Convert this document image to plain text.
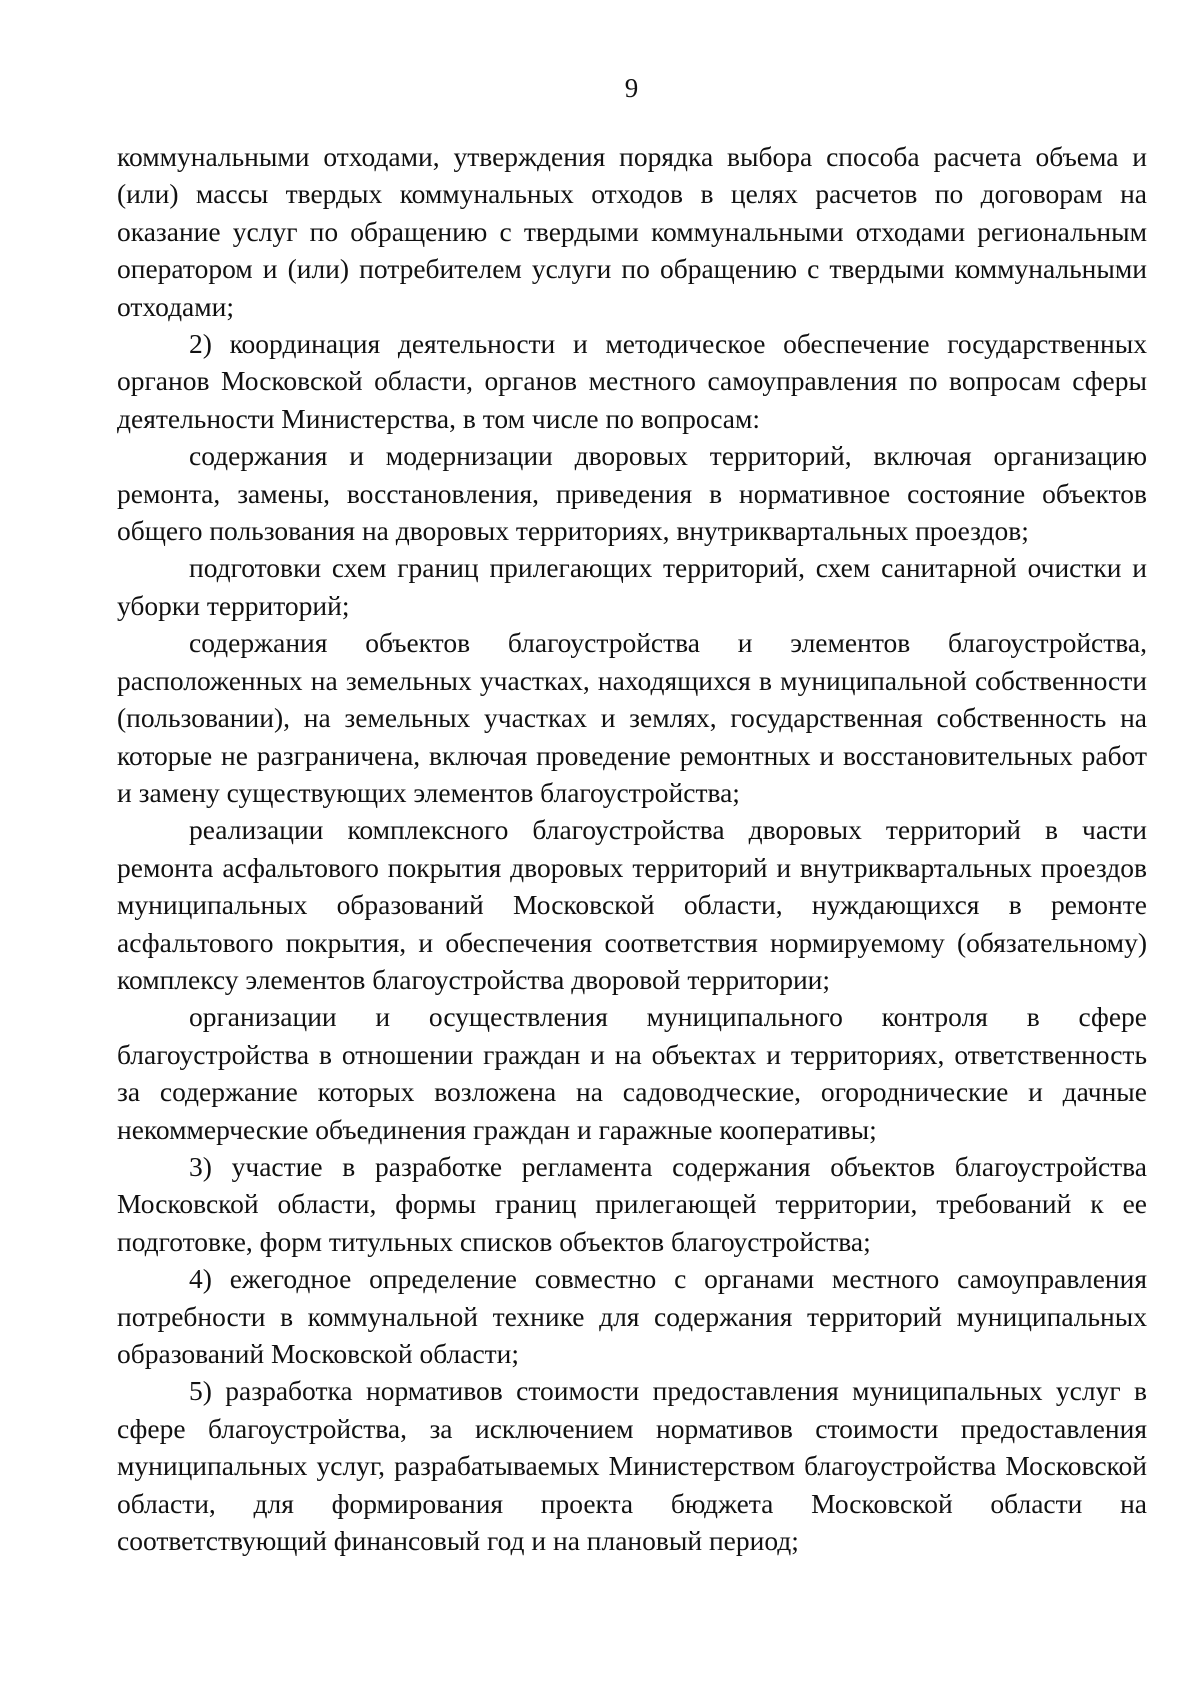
9

коммунальными отходами, утверждения порядка выбора способа расчета объема и (или) массы твердых коммунальных отходов в целях расчетов по договорам на оказание услуг по обращению с твердыми коммунальными отходами региональным оператором и (или) потребителем услуги по обращению с твердыми коммунальными отходами;

2) координация деятельности и методическое обеспечение государственных органов Московской области, органов местного самоуправления по вопросам сферы деятельности Министерства, в том числе по вопросам:

содержания и модернизации дворовых территорий, включая организацию ремонта, замены, восстановления, приведения в нормативное состояние объектов общего пользования на дворовых территориях, внутриквартальных проездов;

подготовки схем границ прилегающих территорий, схем санитарной очистки и уборки территорий;

содержания объектов благоустройства и элементов благоустройства, расположенных на земельных участках, находящихся в муниципальной собственности (пользовании), на земельных участках и землях, государственная собственность на которые не разграничена, включая проведение ремонтных и восстановительных работ и замену существующих элементов благоустройства;

реализации комплексного благоустройства дворовых территорий в части ремонта асфальтового покрытия дворовых территорий и внутриквартальных проездов муниципальных образований Московской области, нуждающихся в ремонте асфальтового покрытия, и обеспечения соответствия нормируемому (обязательному) комплексу элементов благоустройства дворовой территории;

организации и осуществления муниципального контроля в сфере благоустройства в отношении граждан и на объектах и территориях, ответственность за содержание которых возложена на садоводческие, огороднические и дачные некоммерческие объединения граждан и гаражные кооперативы;

3) участие в разработке регламента содержания объектов благоустройства Московской области, формы границ прилегающей территории, требований к ее подготовке, форм титульных списков объектов благоустройства;

4) ежегодное определение совместно с органами местного самоуправления потребности в коммунальной технике для содержания территорий муниципальных образований Московской области;

5) разработка нормативов стоимости предоставления муниципальных услуг в сфере благоустройства, за исключением нормативов стоимости предоставления муниципальных услуг, разрабатываемых Министерством благоустройства Московской области, для формирования проекта бюджета Московской области на соответствующий финансовый год и на плановый период;
